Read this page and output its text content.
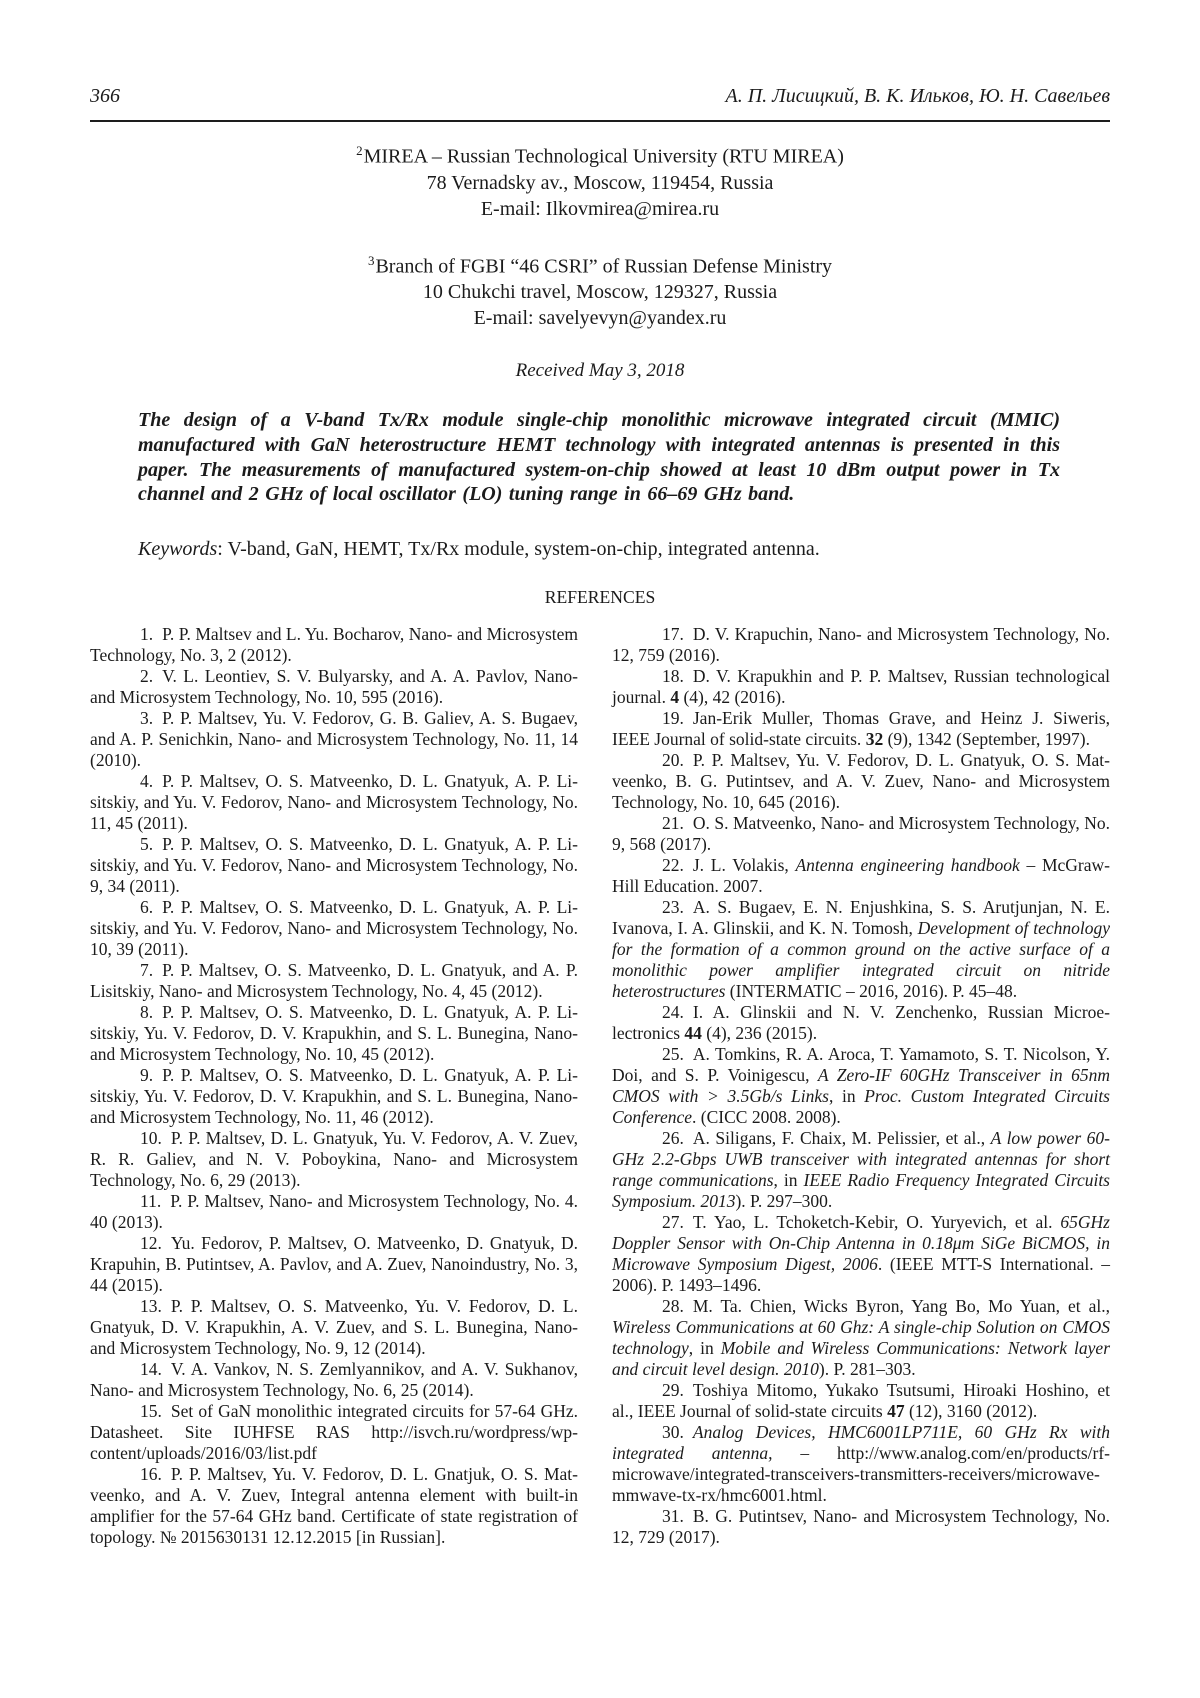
366	А. П. Лисицкий, В. К. Ильков, Ю. Н. Савельев

$^2$MIREA – Russian Technological University (RTU MIREA)

78 Vernadsky av., Moscow, 119454, Russia

E-mail: Ilkovmirea@mirea.ru

$^3$Branch of FGBI “46 CSRI” of Russian Defense Ministry

10 Chukchi travel, Moscow, 129327, Russia

E-mail: savelyevyn@yandex.ru

Received May 3, 2018

The design of a V-band Tx/Rx module single-chip monolithic microwave integrated circuit (MMIC) manufactured with GaN heterostructure HEMT technology with integrated antennas is presented in this paper. The measurements of manufactured system-on-chip showed at least 10 dBm output power in Tx channel and 2 GHz of local oscillator (LO) tuning range in 66–69 GHz band.

Keywords: V-band, GaN, HEMT, Tx/Rx module, system-on-chip, integrated antenna.

REFERENCES

1. P. P. Maltsev and L. Yu. Bocharov, Nano- and Microsystem Technology, No. 3, 2 (2012).

2. V. L. Leontiev, S. V. Bulyarsky, and A. A. Pavlov, Nano- and Microsystem Technology, No. 10, 595 (2016).

3. P. P. Maltsev, Yu. V. Fedorov, G. B. Galiev, A. S. Bugaev, and A. P. Senichkin, Nano- and Microsystem Technology, No. 11, 14 (2010).

4. P. P. Maltsev, O. S. Matveenko, D. L. Gnatyuk, A. P. Lisitskiy, and Yu. V. Fedorov, Nano- and Microsystem Technology, No. 11, 45 (2011).

5. P. P. Maltsev, O. S. Matveenko, D. L. Gnatyuk, A. P. Lisitskiy, and Yu. V. Fedorov, Nano- and Microsystem Technology, No. 9, 34 (2011).

6. P. P. Maltsev, O. S. Matveenko, D. L. Gnatyuk, A. P. Lisitskiy, and Yu. V. Fedorov, Nano- and Microsystem Technology, No. 10, 39 (2011).

7. P. P. Maltsev, O. S. Matveenko, D. L. Gnatyuk, and A. P. Lisitskiy, Nano- and Microsystem Technology, No. 4, 45 (2012).

8. P. P. Maltsev, O. S. Matveenko, D. L. Gnatyuk, A. P. Lisitskiy, Yu. V. Fedorov, D. V. Krapukhin, and S. L. Bunegina, Nano- and Microsystem Technology, No. 10, 45 (2012).

9. P. P. Maltsev, O. S. Matveenko, D. L. Gnatyuk, A. P. Lisitskiy, Yu. V. Fedorov, D. V. Krapukhin, and S. L. Bunegina, Nano- and Microsystem Technology, No. 11, 46 (2012).

10. P. P. Maltsev, D. L. Gnatyuk, Yu. V. Fedorov, A. V. Zuev, R. R. Galiev, and N. V. Poboykina, Nano- and Microsystem Technology, No. 6, 29 (2013).

11. P. P. Maltsev, Nano- and Microsystem Technology, No. 4. 40 (2013).

12. Yu. Fedorov, P. Maltsev, O. Matveenko, D. Gnatyuk, D. Krapuhin, B. Putintsev, A. Pavlov, and A. Zuev, Nanoindustry, No. 3, 44 (2015).

13. P. P. Maltsev, O. S. Matveenko, Yu. V. Fedorov, D. L. Gnatyuk, D. V. Krapukhin, A. V. Zuev, and S. L. Bunegina, Nano- and Microsystem Technology, No. 9, 12 (2014).

14. V. A. Vankov, N. S. Zemlyannikov, and A. V. Sukhanov, Nano- and Microsystem Technology, No. 6, 25 (2014).

15. Set of GaN monolithic integrated circuits for 57-64 GHz. Datasheet. Site IUHFSE RAS http://isvch.ru/wordpress/wp-content/uploads/2016/03/list.pdf

16. P. P. Maltsev, Yu. V. Fedorov, D. L. Gnatjuk, O. S. Matveenko, and A. V. Zuev, Integral antenna element with built-in amplifier for the 57-64 GHz band. Certificate of state registration of topology. № 2015630131 12.12.2015 [in Russian].

17. D. V. Krapuchin, Nano- and Microsystem Technology, No. 12, 759 (2016).

18. D. V. Krapukhin and P. P. Maltsev, Russian technological journal. 4 (4), 42 (2016).

19. Jan-Erik Muller, Thomas Grave, and Heinz J. Siweris, IEEE Journal of solid-state circuits. 32 (9), 1342 (September, 1997).

20. P. P. Maltsev, Yu. V. Fedorov, D. L. Gnatyuk, O. S. Matveenko, B. G. Putintsev, and A. V. Zuev, Nano- and Microsystem Technology, No. 10, 645 (2016).

21. O. S. Matveenko, Nano- and Microsystem Technology, No. 9, 568 (2017).

22. J. L. Volakis, Antenna engineering handbook – McGraw-Hill Education. 2007.

23. A. S. Bugaev, E. N. Enjushkina, S. S. Arutjunjan, N. E. Ivanova, I. A. Glinskii, and K. N. Tomosh, Development of technology for the formation of a common ground on the active surface of a monolithic power amplifier integrated circuit on nitride heterostructures (INTERMATIC – 2016, 2016). P. 45–48.

24. I. A. Glinskii and N. V. Zenchenko, Russian Microelectronics 44 (4), 236 (2015).

25. A. Tomkins, R. A. Aroca, T. Yamamoto, S. T. Nicolson, Y. Doi, and S. P. Voinigescu, A Zero-IF 60GHz Transceiver in 65nm CMOS with > 3.5Gb/s Links, in Proc. Custom Integrated Circuits Conference. (CICC 2008. 2008).

26. A. Siligans, F. Chaix, M. Pelissier, et al., A low power 60-GHz 2.2-Gbps UWB transceiver with integrated antennas for short range communications, in IEEE Radio Frequency Integrated Circuits Symposium. 2013). P. 297–300.

27. T. Yao, L. Tchoketch-Kebir, O. Yuryevich, et al. 65GHz Doppler Sensor with On-Chip Antenna in 0.18μm SiGe BiCMOS, in Microwave Symposium Digest, 2006. (IEEE MTT-S International. – 2006). P. 1493–1496.

28. M. Ta. Chien, Wicks Byron, Yang Bo, Mo Yuan, et al., Wireless Communications at 60 Ghz: A single-chip Solution on CMOS technology, in Mobile and Wireless Communications: Network layer and circuit level design. 2010). P. 281–303.

29. Toshiya Mitomo, Yukako Tsutsumi, Hiroaki Hoshino, et al., IEEE Journal of solid-state circuits 47 (12), 3160 (2012).

30. Analog Devices, HMC6001LP711E, 60 GHz Rx with integrated antenna, – http://www.analog.com/en/products/rf-microwave/integrated-transceivers-transmitters-receivers/microwave-mmwave-tx-rx/hmc6001.html.

31. B. G. Putintsev, Nano- and Microsystem Technology, No. 12, 729 (2017).
